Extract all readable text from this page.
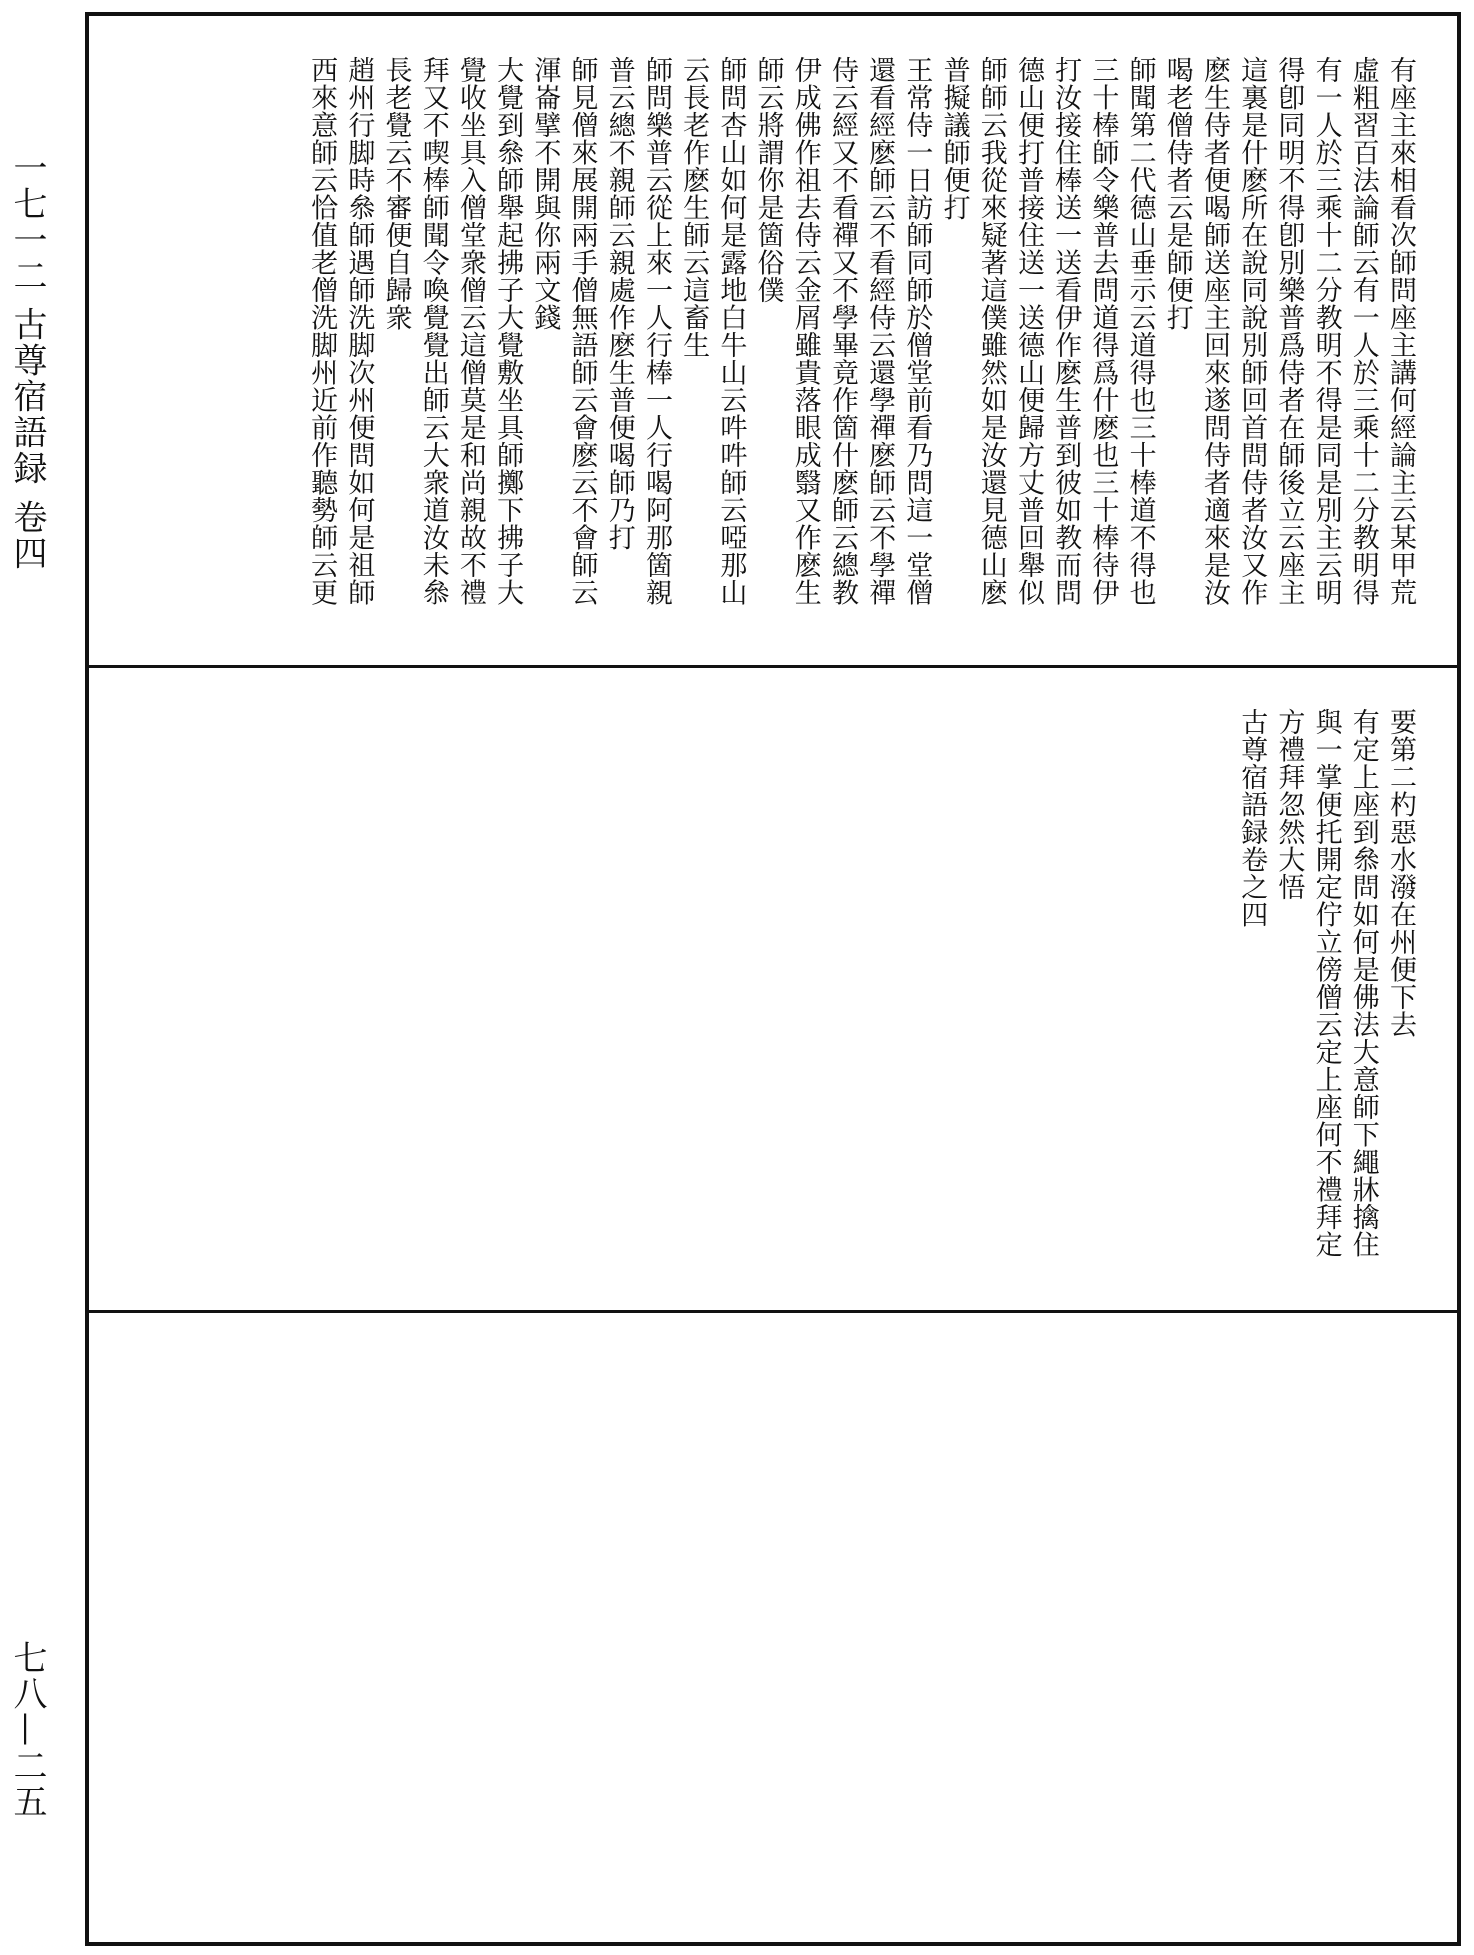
一七一二 古尊宿語録 卷四
七八—二五
有座主來相看次師問座主講何經論主云某甲荒
虛粗習百法論師云有一人於三乘十二分教明得
有一人於三乘十二分教明不得是同是別主云明
得卽同明不得卽別樂普爲侍者在師後立云座主
這裏是什麽所在說同說別師回首問侍者汝又作
麽生侍者便喝師送座主回來遂問侍者適來是汝
喝老僧侍者云是師便打
師聞第二代德山垂示云道得也三十棒道不得也
三十棒師令樂普去問道得爲什麽也三十棒待伊
打汝接住棒送一送看伊作麽生普到彼如教而問
德山便打普接住送一送德山便歸方丈普回舉似
師師云我從來疑著這僕雖然如是汝還見德山麽
普擬議師便打
王常侍一日訪師同師於僧堂前看乃問這一堂僧
還看經麽師云不看經侍云還學禪麽師云不學禪
侍云經又不看禪又不學畢竟作箇什麽師云總教
伊成佛作祖去侍云金屑雖貴落眼成翳又作麽生
師云將謂你是箇俗僕
師問杏山如何是露地白牛山云吽吽師云啞那山
云長老作麽生師云這畜生
師問樂普云從上來一人行棒一人行喝阿那箇親
普云總不親師云親處作麽生普便喝師乃打
師見僧來展開兩手僧無語師云會麽云不會師云
渾崙擘不開與你兩文錢
大覺到叅師舉起拂子大覺敷坐具師擲下拂子大
覺收坐具入僧堂衆僧云這僧莫是和尚親故不禮
拜又不喫棒師聞令喚覺覺出師云大衆道汝未叅
長老覺云不審便自歸衆
趙州行脚時叅師遇師洗脚次州便問如何是祖師
西來意師云恰值老僧洗脚州近前作聽勢師云更
要第二杓惡水潑在州便下去
有定上座到叅問如何是佛法大意師下繩牀擒住
與一掌便托開定佇立傍僧云定上座何不禮拜定
方禮拜忽然大悟
古尊宿語録卷之四
